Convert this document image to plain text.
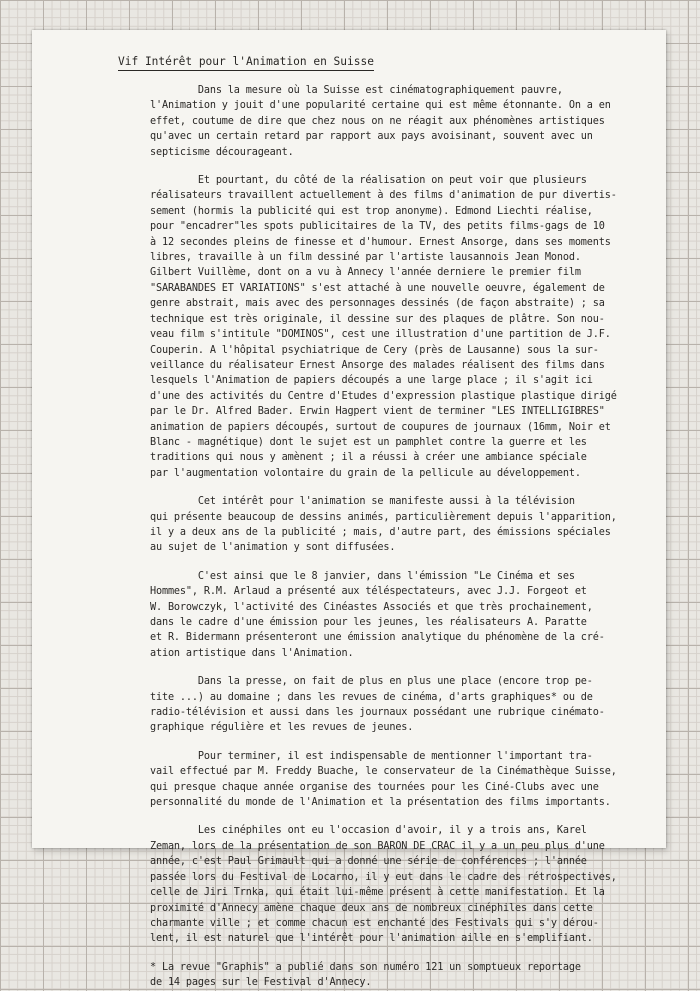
Vif Intérêt pour l'Animation en Suisse
Dans la mesure où la Suisse est cinématographiquement pauvre,
l'Animation y jouit d'une popularité certaine qui est même étonnante. On a en
effet, coutume de dire que chez nous on ne réagit aux phénomènes artistiques
qu'avec un certain retard par rapport aux pays avoisinant, souvent avec un
septicisme décourageant.
Et pourtant, du côté de la réalisation on peut voir que plusieurs
réalisateurs travaillent actuellement à des films d'animation de pur divertis-
sement (hormis la publicité qui est trop anonyme). Edmond Liechti réalise,
pour "encadrer"les spots publicitaires de la TV, des petits films-gags de 10
à 12 secondes pleins de finesse et d'humour. Ernest Ansorge, dans ses moments
libres, travaille à un film dessiné par l'artiste lausannois Jean Monod.
Gilbert Vuillème, dont on a vu à Annecy l'année derniere le premier film
"SARABANDES ET VARIATIONS" s'est attaché à une nouvelle oeuvre, également de
genre abstrait, mais avec des personnages dessinés (de façon abstraite) ; sa
technique est très originale, il dessine sur des plaques de plâtre. Son nou-
veau film s'intitule "DOMINOS", cest une illustration d'une partition de J.F.
Couperin. A l'hôpital psychiatrique de Cery (près de Lausanne) sous la sur-
veillance du réalisateur Ernest Ansorge des malades réalisent des films dans
lesquels l'Animation de papiers découpés a une large place ; il s'agit ici
d'une des activités du Centre d'Etudes d'expression plastique plastique dirigé
par le Dr. Alfred Bader. Erwin Hagpert vient de terminer "LES INTELLIGIBRES"
animation de papiers découpés, surtout de coupures de journaux (16mm, Noir et
Blanc - magnétique) dont le sujet est un pamphlet contre la guerre et les
traditions qui nous y amènent ; il a réussi à créer une ambiance spéciale
par l'augmentation volontaire du grain de la pellicule au développement.
Cet intérêt pour l'animation se manifeste aussi à la télévision
qui présente beaucoup de dessins animés, particulièrement depuis l'apparition,
il y a deux ans de la publicité ; mais, d'autre part, des émissions spéciales
au sujet de l'animation y sont diffusées.
C'est ainsi que le 8 janvier, dans l'émission "Le Cinéma et ses
Hommes", R.M. Arlaud a présenté aux téléspectateurs, avec J.J. Forgeot et
W. Borowczyk, l'activité des Cinéastes Associés et que très prochainement,
dans le cadre d'une émission pour les jeunes, les réalisateurs A. Paratte
et R. Bidermann présenteront une émission analytique du phénomène de la cré-
ation artistique dans l'Animation.
Dans la presse, on fait de plus en plus une place (encore trop pe-
tite ...) au domaine ; dans les revues de cinéma, d'arts graphiques* ou de
radio-télévision et aussi dans les journaux possédant une rubrique cinémato-
graphique régulière et les revues de jeunes.
Pour terminer, il est indispensable de mentionner l'important tra-
vail effectué par M. Freddy Buache, le conservateur de la Cinémathèque Suisse,
qui presque chaque année organise des tournées pour les Ciné-Clubs avec une
personnalité du monde de l'Animation et la présentation des films importants.
Les cinéphiles ont eu l'occasion d'avoir, il y a trois ans, Karel
Zeman, lors de la présentation de son BARON DE CRAC il y a un peu plus d'une
année, c'est Paul Grimault qui a donné une série de conférences ; l'année
passée lors du Festival de Locarno, il y eut dans le cadre des rétrospectives,
celle de Jiri Trnka, qui était lui-même présent à cette manifestation. Et la
proximité d'Annecy amène chaque deux ans de nombreux cinéphiles dans cette
charmante ville ; et comme chacun est enchanté des Festivals qui s'y dérou-
lent, il est naturel que l'intérêt pour l'animation aille en s'emplifiant.
* La revue "Graphis" a publié dans son numéro 121 un somptueux reportage
de 14 pages sur le Festival d'Annecy.
